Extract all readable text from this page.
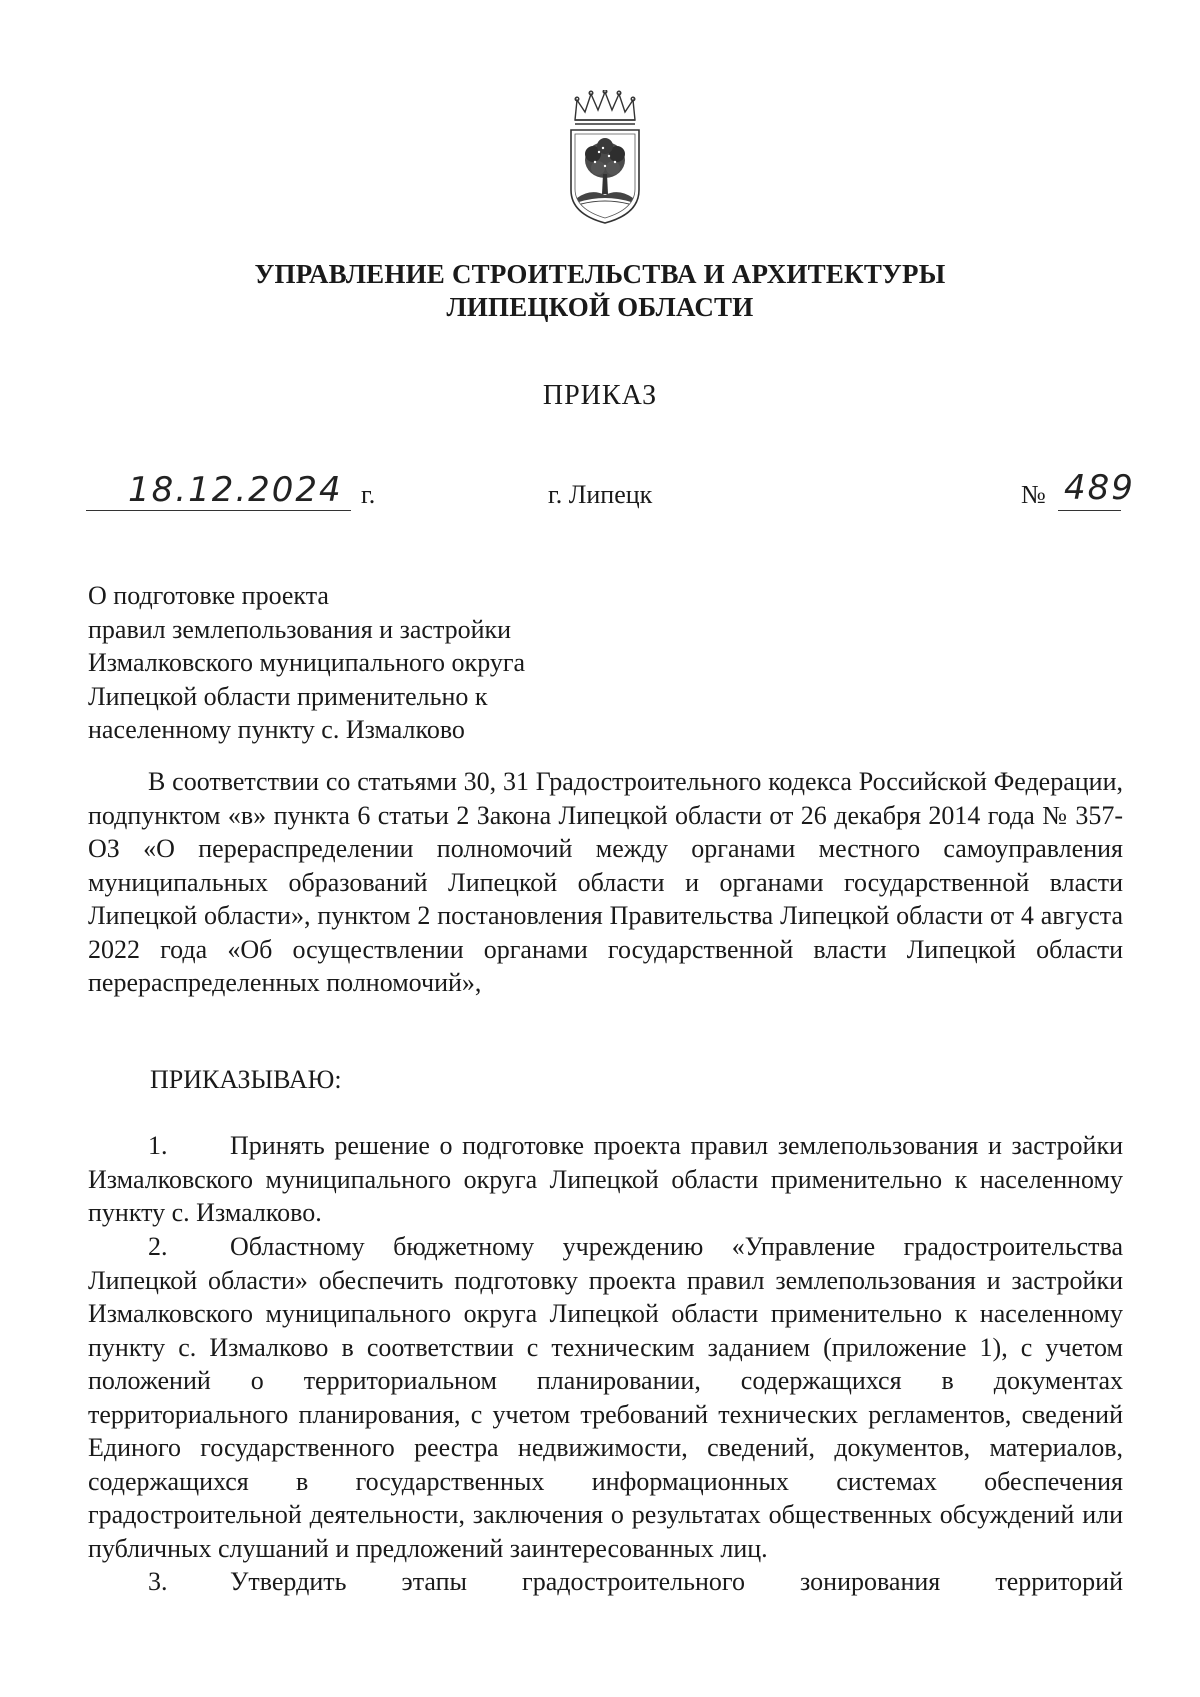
УПРАВЛЕНИЕ СТРОИТЕЛЬСТВА И АРХИТЕКТУРЫ
ЛИПЕЦКОЙ ОБЛАСТИ
ПРИКАЗ
18.12.2024 г.	г. Липецк	№ 489
О подготовке проекта
правил землепользования и застройки
Измалковского муниципального округа
Липецкой области применительно к
населенному пункту с. Измалково
В соответствии со статьями 30, 31 Градостроительного кодекса Российской Федерации, подпунктом «в» пункта 6 статьи 2 Закона Липецкой области от 26 декабря 2014 года № 357-ОЗ «О перераспределении полномочий между органами местного самоуправления муниципальных образований Липецкой области и органами государственной власти Липецкой области», пунктом 2 постановления Правительства Липецкой области от 4 августа 2022 года «Об осуществлении органами государственной власти Липецкой области перераспределенных полномочий»,
ПРИКАЗЫВАЮ:
1. Принять решение о подготовке проекта правил землепользования и застройки Измалковского муниципального округа Липецкой области применительно к населенному пункту с. Измалково.
2. Областному бюджетному учреждению «Управление градостроительства Липецкой области» обеспечить подготовку проекта правил землепользования и застройки Измалковского муниципального округа Липецкой области применительно к населенному пункту с. Измалково в соответствии с техническим заданием (приложение 1), с учетом положений о территориальном планировании, содержащихся в документах территориального планирования, с учетом требований технических регламентов, сведений Единого государственного реестра недвижимости, сведений, документов, материалов, содержащихся в государственных информационных системах обеспечения градостроительной деятельности, заключения о результатах общественных обсуждений или публичных слушаний и предложений заинтересованных лиц.
3. Утвердить этапы градостроительного зонирования территорий
